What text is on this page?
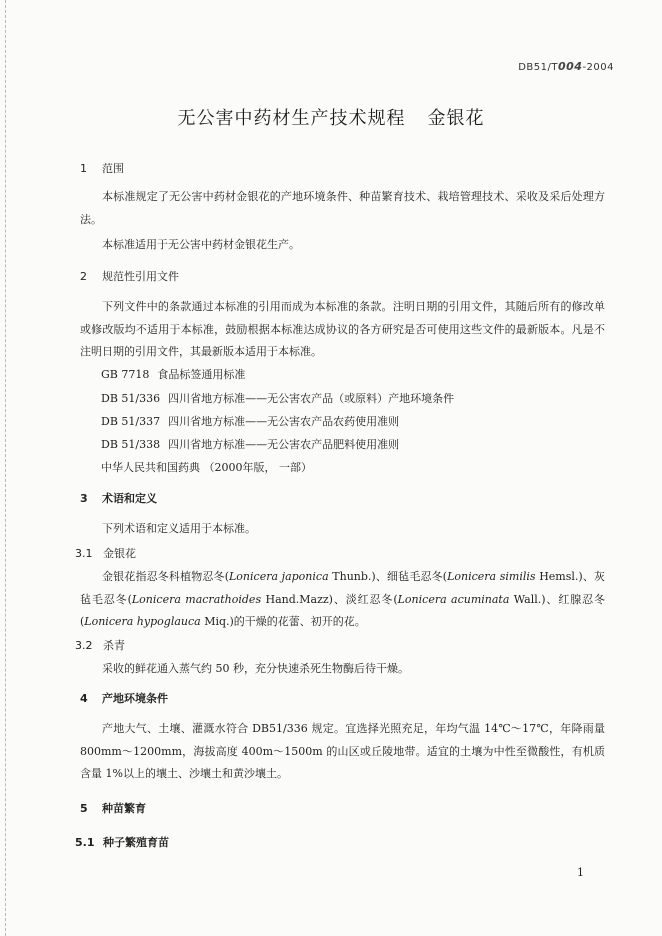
DB51/T004-2004
无公害中药材生产技术规程 金银花
1 范围
本标准规定了无公害中药材金银花的产地环境条件、种苗繁育技术、栽培管理技术、采收及采后处理方法。
本标准适用于无公害中药材金银花生产。
2 规范性引用文件
下列文件中的条款通过本标准的引用而成为本标准的条款。注明日期的引用文件，其随后所有的修改单或修改版均不适用于本标准，鼓励根据本标准达成协议的各方研究是否可使用这些文件的最新版本。凡是不注明日期的引用文件，其最新版本适用于本标准。
GB 7718 食品标签通用标准
DB 51/336 四川省地方标准——无公害农产品（或原料）产地环境条件
DB 51/337 四川省地方标准——无公害农产品农药使用准则
DB 51/338 四川省地方标准——无公害农产品肥料使用准则
中华人民共和国药典 （2000年版， 一部）
3 术语和定义
下列术语和定义适用于本标准。
3.1 金银花
金银花指忍冬科植物忍冬(Lonicera japonica Thunb.)、细毡毛忍冬(Lonicera similis Hemsl.)、灰毡毛忍冬(Lonicera macrathoides Hand.Mazz)、淡红忍冬(Lonicera acuminata Wall.)、红腺忍冬(Lonicera hypoglauca Miq.)的干燥的花蕾、初开的花。
3.2 杀青
采收的鲜花通入蒸气约 50 秒，充分快速杀死生物酶后待干燥。
4 产地环境条件
产地大气、土壤、灌溉水符合 DB51/336 规定。宜选择光照充足，年均气温 14℃～17℃，年降雨量 800mm～1200mm，海拔高度 400m～1500m 的山区或丘陵地带。适宜的土壤为中性至微酸性，有机质含量 1%以上的壤土、沙壤土和黄沙壤土。
5 种苗繁育
5.1 种子繁殖育苗
1
